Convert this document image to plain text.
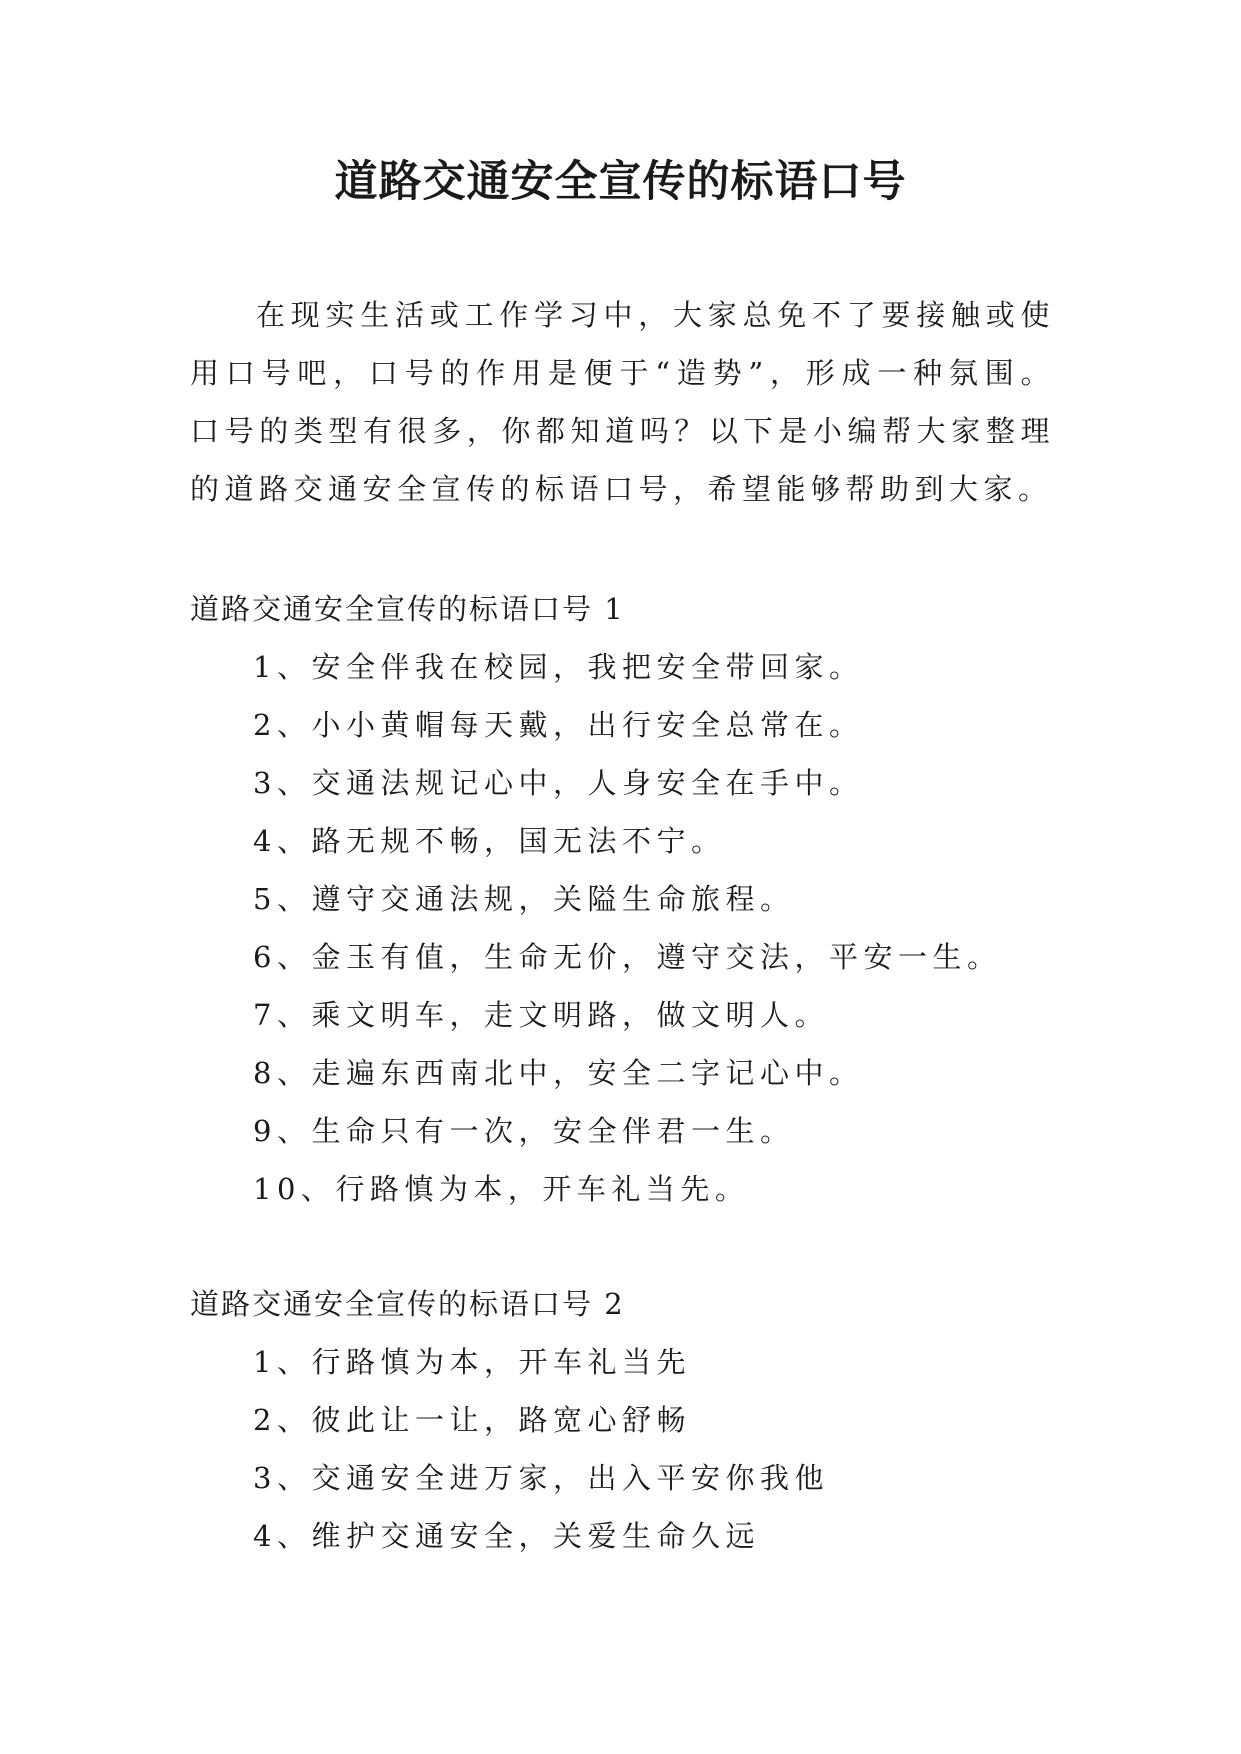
道路交通安全宣传的标语口号

在现实生活或工作学习中，大家总免不了要接触或使用口号吧，口号的作用是便于“造势”，形成一种氛围。口号的类型有很多，你都知道吗？以下是小编帮大家整理的道路交通安全宣传的标语口号，希望能够帮助到大家。

道路交通安全宣传的标语口号 1
1、安全伴我在校园，我把安全带回家。
2、小小黄帽每天戴，出行安全总常在。
3、交通法规记心中，人身安全在手中。
4、路无规不畅，国无法不宁。
5、遵守交通法规，关隘生命旅程。
6、金玉有值，生命无价，遵守交法，平安一生。
7、乘文明车，走文明路，做文明人。
8、走遍东西南北中，安全二字记心中。
9、生命只有一次，安全伴君一生。
10、行路慎为本，开车礼当先。
道路交通安全宣传的标语口号 2
1、行路慎为本，开车礼当先
2、彼此让一让，路宽心舒畅
3、交通安全进万家，出入平安你我他
4、维护交通安全，关爱生命久远
